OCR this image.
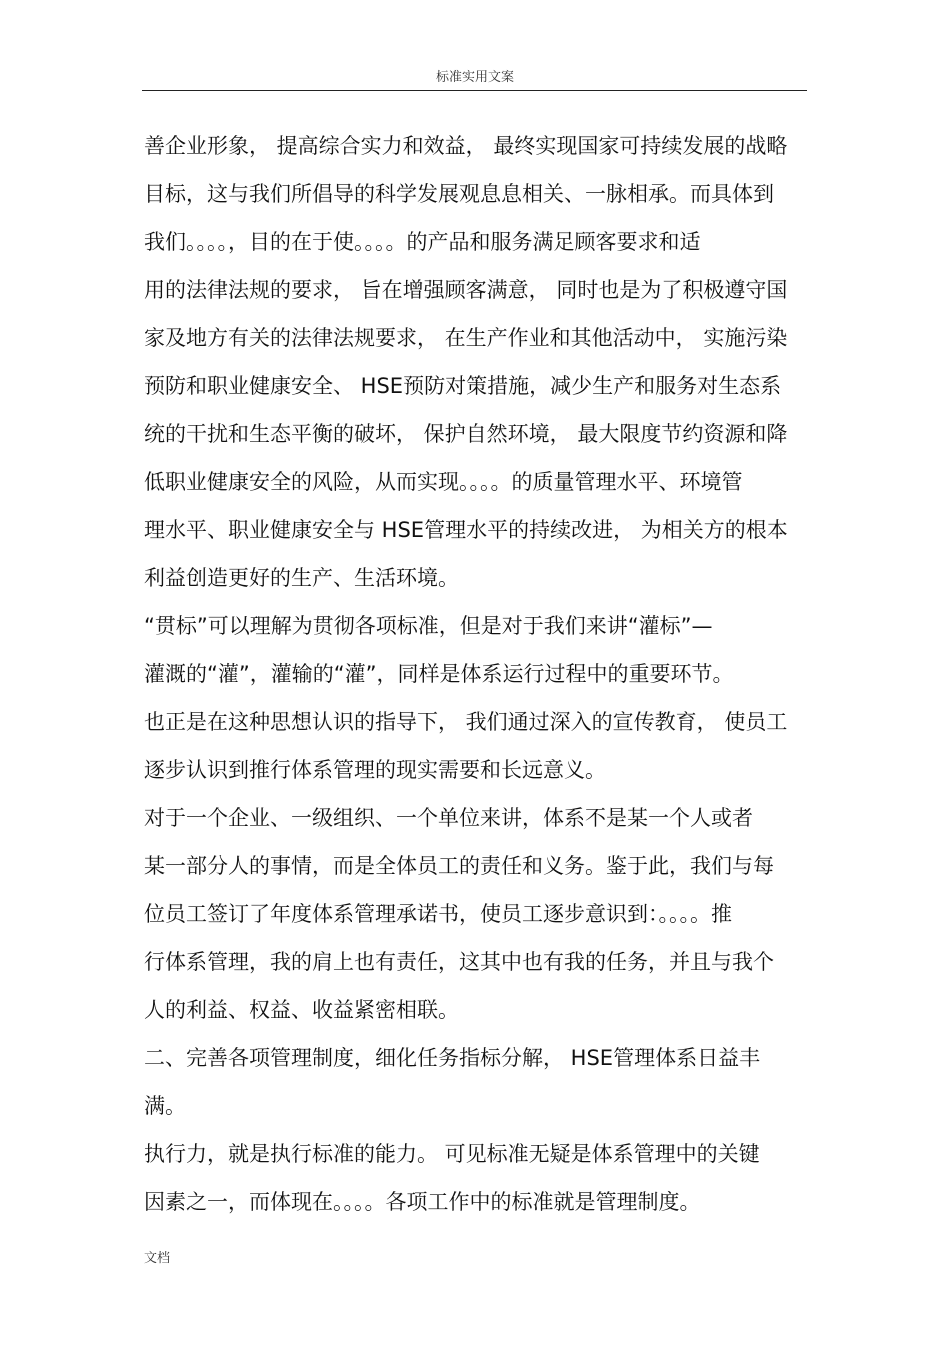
标准实用文案
善企业形象， 提高综合实力和效益， 最终实现国家可持续发展的战略
目标，这与我们所倡导的科学发展观息息相关、一脉相承。而具体到
我们。。。。，目的在于使。。。。的产品和服务满足顾客要求和适
用的法律法规的要求， 旨在增强顾客满意， 同时也是为了积极遵守国
家及地方有关的法律法规要求， 在生产作业和其他活动中， 实施污染
预防和职业健康安全、 HSE预防对策措施，减少生产和服务对生态系
统的干扰和生态平衡的破坏， 保护自然环境， 最大限度节约资源和降
低职业健康安全的风险，从而实现。。。。的质量管理水平、环境管
理水平、职业健康安全与 HSE管理水平的持续改进， 为相关方的根本
利益创造更好的生产、生活环境。
“贯标”可以理解为贯彻各项标准，但是对于我们来讲“灌标”—
灌溉的“灌”，灌输的“灌”，同样是体系运行过程中的重要环节。
也正是在这种思想认识的指导下， 我们通过深入的宣传教育， 使员工
逐步认识到推行体系管理的现实需要和长远意义。
对于一个企业、一级组织、一个单位来讲，体系不是某一个人或者
某一部分人的事情，而是全体员工的责任和义务。鉴于此，我们与每
位员工签订了年度体系管理承诺书，使员工逐步意识到：。。。。推
行体系管理，我的肩上也有责任，这其中也有我的任务，并且与我个
人的利益、权益、收益紧密相联。
二、完善各项管理制度，细化任务指标分解， HSE管理体系日益丰
满。
执行力，就是执行标准的能力。 可见标准无疑是体系管理中的关键
因素之一，而体现在。。。。各项工作中的标准就是管理制度。
文档
